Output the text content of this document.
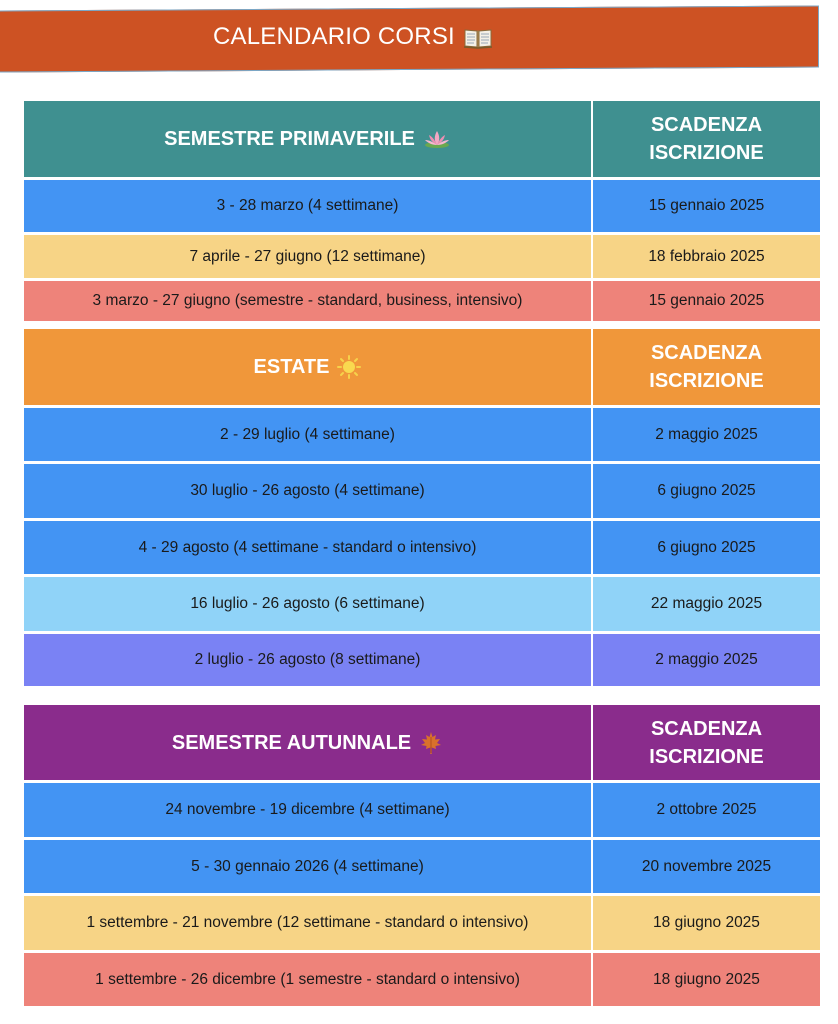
CALENDARIO CORSI
SEMESTRE PRIMAVERILE	SCADENZA
ISCRIZIONE

3 - 28 marzo (4 settimane)	15 gennaio 2025
7 aprile - 27 giugno (12 settimane)	18 febbraio 2025
3 marzo - 27 giugno (semestre - standard, business, intensivo)	15 gennaio 2025
ESTATE	SCADENZA
ISCRIZIONE

2 - 29 luglio (4 settimane)	2 maggio 2025
30 luglio - 26 agosto (4 settimane)	6 giugno 2025
4 - 29 agosto (4 settimane - standard o intensivo)	6 giugno 2025
16 luglio - 26 agosto (6 settimane)	22 maggio 2025
2 luglio - 26 agosto (8 settimane)	2 maggio 2025
SEMESTRE AUTUNNALE	SCADENZA
ISCRIZIONE

24 novembre - 19 dicembre (4 settimane)	2 ottobre 2025
5 - 30 gennaio 2026 (4 settimane)	20 novembre 2025
1 settembre - 21 novembre (12 settimane - standard o intensivo)	18 giugno 2025
1 settembre - 26 dicembre (1 semestre - standard o intensivo)	18 giugno 2025
